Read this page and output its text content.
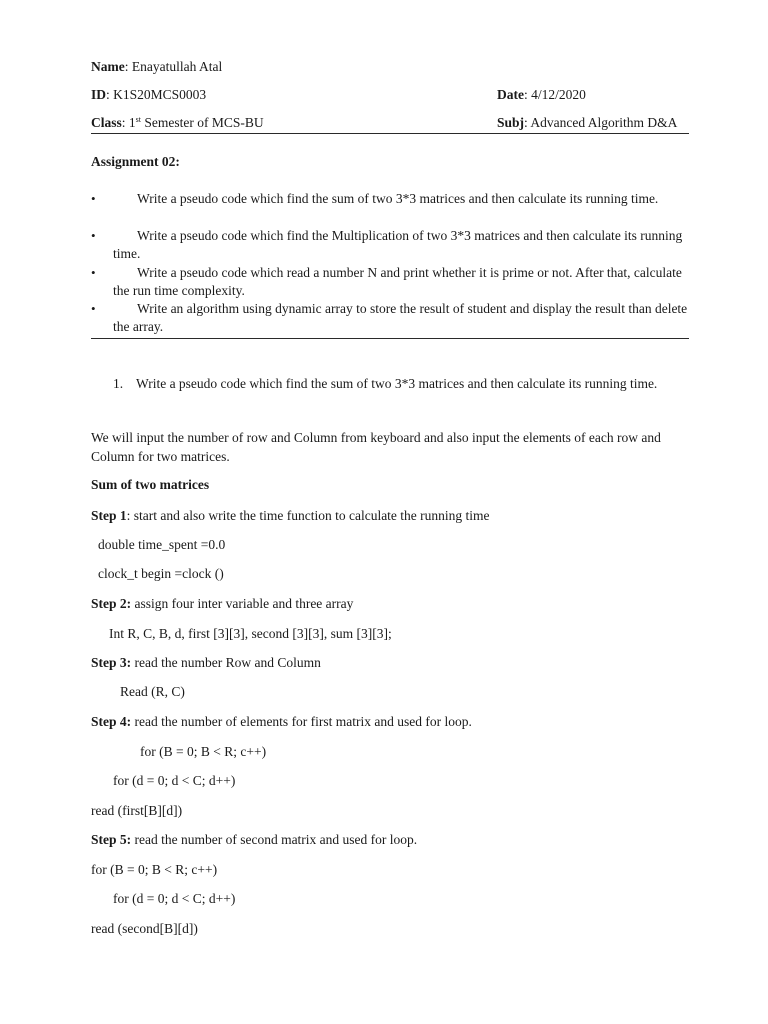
Name: Enayatullah Atal
ID: K1S20MCS0003	Date: 4/12/2020
Class: 1st Semester of MCS-BU	Subj: Advanced Algorithm D&A
Assignment 02:
•	Write a pseudo code which find the sum of two 3*3 matrices and then calculate its running time.
•	Write a pseudo code which find the Multiplication of two 3*3 matrices and then calculate its running time.
•	Write a pseudo code which read a number N and print whether it is prime or not. After that, calculate the run time complexity.
•	Write an algorithm using dynamic array to store the result of student and display the result than delete the array.
1. Write a pseudo code which find the sum of two 3*3 matrices and then calculate its running time.
We will input the number of row and Column from keyboard and also input the elements of each row and Column for two matrices.
Sum of two matrices
Step 1: start and also write the time function to calculate the running time
double time_spent =0.0
clock_t begin =clock ()
Step 2: assign four inter variable and three array
Int R, C, B, d, first [3][3], second [3][3], sum [3][3];
Step 3: read the number Row and Column
Read (R, C)
Step 4: read the number of elements for first matrix and used for loop.
for (B = 0; B < R; c++)
for (d = 0; d < C; d++)
read (first[B][d])
Step 5: read the number of second matrix and used for loop.
for (B = 0; B < R; c++)
for (d = 0; d < C; d++)
read (second[B][d])
